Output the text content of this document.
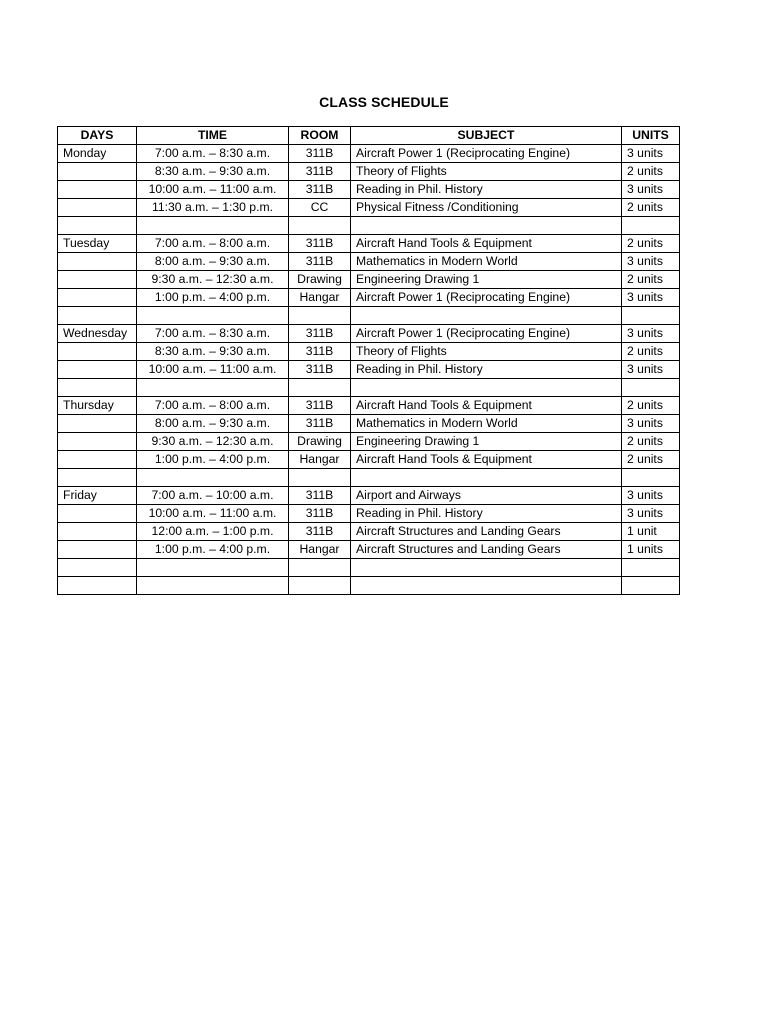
CLASS SCHEDULE
DAYS	TIME	ROOM	SUBJECT	UNITS
Monday	7:00 a.m. – 8:30 a.m.	311B	Aircraft Power 1 (Reciprocating Engine)	3 units
	8:30 a.m. – 9:30 a.m.	311B	Theory of Flights	2 units
	10:00 a.m. – 11:00 a.m.	311B	Reading in Phil. History	3 units
	11:30 a.m. – 1:30 p.m.	CC	Physical Fitness /Conditioning	2 units

Tuesday	7:00 a.m. – 8:00 a.m.	311B	Aircraft Hand Tools & Equipment	2 units
	8:00 a.m. – 9:30 a.m.	311B	Mathematics in Modern World	3 units
	9:30 a.m. – 12:30 a.m.	Drawing	Engineering Drawing 1	2 units
	1:00 p.m. – 4:00 p.m.	Hangar	Aircraft Power 1 (Reciprocating Engine)	3 units

Wednesday	7:00 a.m. – 8:30 a.m.	311B	Aircraft Power 1 (Reciprocating Engine)	3 units
	8:30 a.m. – 9:30 a.m.	311B	Theory of Flights	2 units
	10:00 a.m. – 11:00 a.m.	311B	Reading in Phil. History	3 units

Thursday	7:00 a.m. – 8:00 a.m.	311B	Aircraft Hand Tools & Equipment	2 units
	8:00 a.m. – 9:30 a.m.	311B	Mathematics in Modern World	3 units
	9:30 a.m. – 12:30 a.m.	Drawing	Engineering Drawing 1	2 units
	1:00 p.m. – 4:00 p.m.	Hangar	Aircraft Hand Tools & Equipment	2 units

Friday	7:00 a.m. – 10:00 a.m.	311B	Airport and Airways	3 units
	10:00 a.m. – 11:00 a.m.	311B	Reading in Phil. History	3 units
	12:00 a.m. – 1:00 p.m.	311B	Aircraft Structures and Landing Gears	1 unit
	1:00 p.m. – 4:00 p.m.	Hangar	Aircraft Structures and Landing Gears	1 units
